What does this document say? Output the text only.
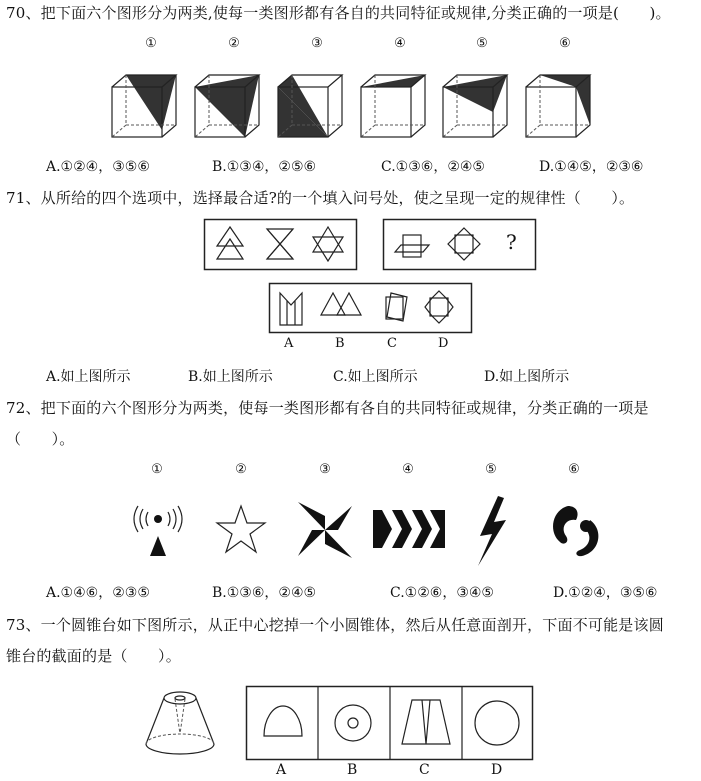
70、把下面六个图形分为两类,使每一类图形都有各自的共同特征或规律,分类正确的一项是(　　)。
①	②	③	④	⑤	⑥
A.①②④，③⑤⑥	B.①③④，②⑤⑥	C.①③⑥，②④⑤	D.①④⑤，②③⑥
71、从所给的四个选项中，选择最合适?的一个填入问号处，使之呈现一定的规律性（　　）。
?
A	B	C	D
A.如上图所示	B.如上图所示	C.如上图所示	D.如上图所示
72、把下面的六个图形分为两类，使每一类图形都有各自的共同特征或规律，分类正确的一项是
（　　）。
①	②	③	④	⑤	⑥
A.①④⑥，②③⑤	B.①③⑥，②④⑤	C.①②⑥，③④⑤	D.①②④，③⑤⑥
73、一个圆锥台如下图所示，从正中心挖掉一个小圆锥体，然后从任意面剖开，下面不可能是该圆
锥台的截面的是（　　）。
A	B	C	D
